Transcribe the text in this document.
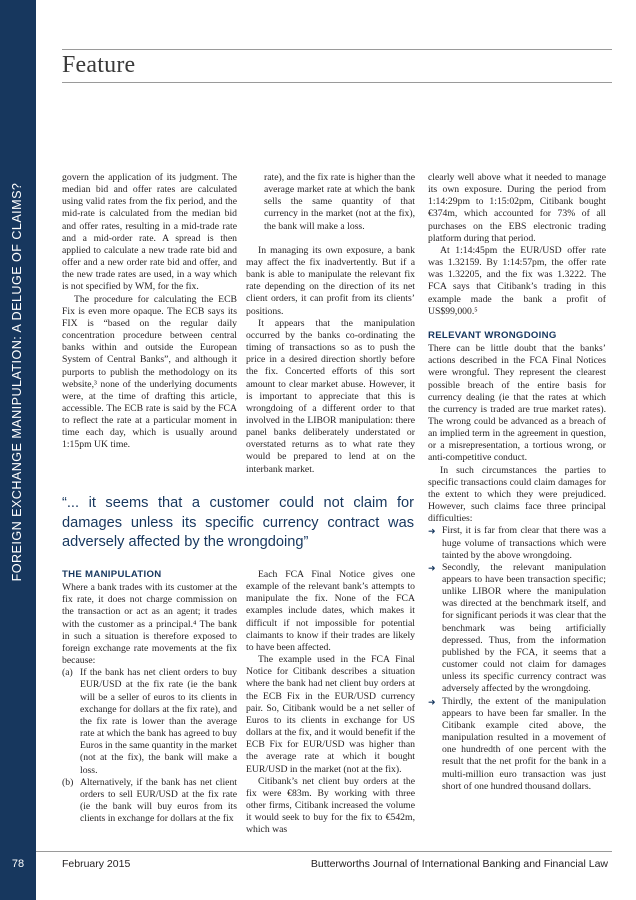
FOREIGN EXCHANGE MANIPULATION: A DELUGE OF CLAIMS?
Feature

govern the application of its judgment. The median bid and offer rates are calculated using valid rates from the fix period, and the mid-rate is calculated from the median bid and offer rates, resulting in a mid-trade rate and a mid-order rate. A spread is then applied to calculate a new trade rate bid and offer and a new order rate bid and offer, and the new trade rates are used, in a way which is not specified by WM, for the fix.

The procedure for calculating the ECB Fix is even more opaque. The ECB says its FIX is “based on the regular daily concentration procedure between central banks within and outside the European System of Central Banks”, and although it purports to publish the methodology on its website,³ none of the underlying documents were, at the time of drafting this article, accessible. The ECB rate is said by the FCA to reflect the rate at a particular moment in time each day, which is usually around 1:15pm UK time.

rate), and the fix rate is higher than the average market rate at which the bank sells the same quantity of that currency in the market (not at the fix), the bank will make a loss.

In managing its own exposure, a bank may affect the fix inadvertently. But if a bank is able to manipulate the relevant fix rate depending on the direction of its net client orders, it can profit from its clients’ positions.

It appears that the manipulation occurred by the banks co-ordinating the timing of transactions so as to push the price in a desired direction shortly before the fix. Concerted efforts of this sort amount to clear market abuse. However, it is important to appreciate that this is wrongdoing of a different order to that involved in the LIBOR manipulation: there panel banks deliberately understated or overstated returns as to what rate they would be prepared to lend at on the interbank market.

“... it seems that a customer could not claim for damages unless its specific currency contract was adversely affected by the wrongdoing”
THE MANIPULATION

Where a bank trades with its customer at the fix rate, it does not charge commission on the transaction or act as an agent; it trades with the customer as a principal.⁴ The bank in such a situation is therefore exposed to foreign exchange rate movements at the fix because:

(a) If the bank has net client orders to buy EUR/USD at the fix rate (ie the bank will be a seller of euros to its clients in exchange for dollars at the fix rate), and the fix rate is lower than the average rate at which the bank has agreed to buy Euros in the same quantity in the market (not at the fix), the bank will make a loss.
(b) Alternatively, if the bank has net client orders to sell EUR/USD at the fix rate (ie the bank will buy euros from its clients in exchange for dollars at the fix

Each FCA Final Notice gives one example of the relevant bank’s attempts to manipulate the fix. None of the FCA examples include dates, which makes it difficult if not impossible for potential claimants to know if their trades are likely to have been affected.

The example used in the FCA Final Notice for Citibank describes a situation where the bank had net client buy orders at the ECB Fix in the EUR/USD currency pair. So, Citibank would be a net seller of Euros to its clients in exchange for US dollars at the fix, and it would benefit if the ECB Fix for EUR/USD was higher than the average rate at which it bought EUR/USD in the market (not at the fix).

Citibank’s net client buy orders at the fix were €83m. By working with three other firms, Citibank increased the volume it would seek to buy for the fix to €542m, which was

clearly well above what it needed to manage its own exposure. During the period from 1:14:29pm to 1:15:02pm, Citibank bought €374m, which accounted for 73% of all purchases on the EBS electronic trading platform during that period.

At 1:14:45pm the EUR/USD offer rate was 1.32159. By 1:14:57pm, the offer rate was 1.32205, and the fix was 1.3222. The FCA says that Citibank’s trading in this example made the bank a profit of US$99,000.⁵

RELEVANT WRONGDOING

There can be little doubt that the banks’ actions described in the FCA Final Notices were wrongful. They represent the clearest possible breach of the entire basis for currency dealing (ie that the rates at which the currency is traded are true market rates). The wrong could be advanced as a breach of an implied term in the agreement in question, or a misrepresentation, a tortious wrong, or anti-competitive conduct.

In such circumstances the parties to specific transactions could claim damages for the extent to which they were prejudiced. However, such claims face three principal difficulties:

➜ First, it is far from clear that there was a huge volume of transactions which were tainted by the above wrongdoing.
➜ Secondly, the relevant manipulation appears to have been transaction specific; unlike LIBOR where the manipulation was directed at the benchmark itself, and for significant periods it was clear that the benchmark was being artificially depressed. Thus, from the information published by the FCA, it seems that a customer could not claim for damages unless its specific currency contract was adversely affected by the wrongdoing.
➜ Thirdly, the extent of the manipulation appears to have been far smaller. In the Citibank example cited above, the manipulation resulted in a movement of one hundredth of one percent with the result that the net profit for the bank in a multi-million euro transaction was just short of one hundred thousand dollars.
78	February 2015	Butterworths Journal of International Banking and Financial Law
